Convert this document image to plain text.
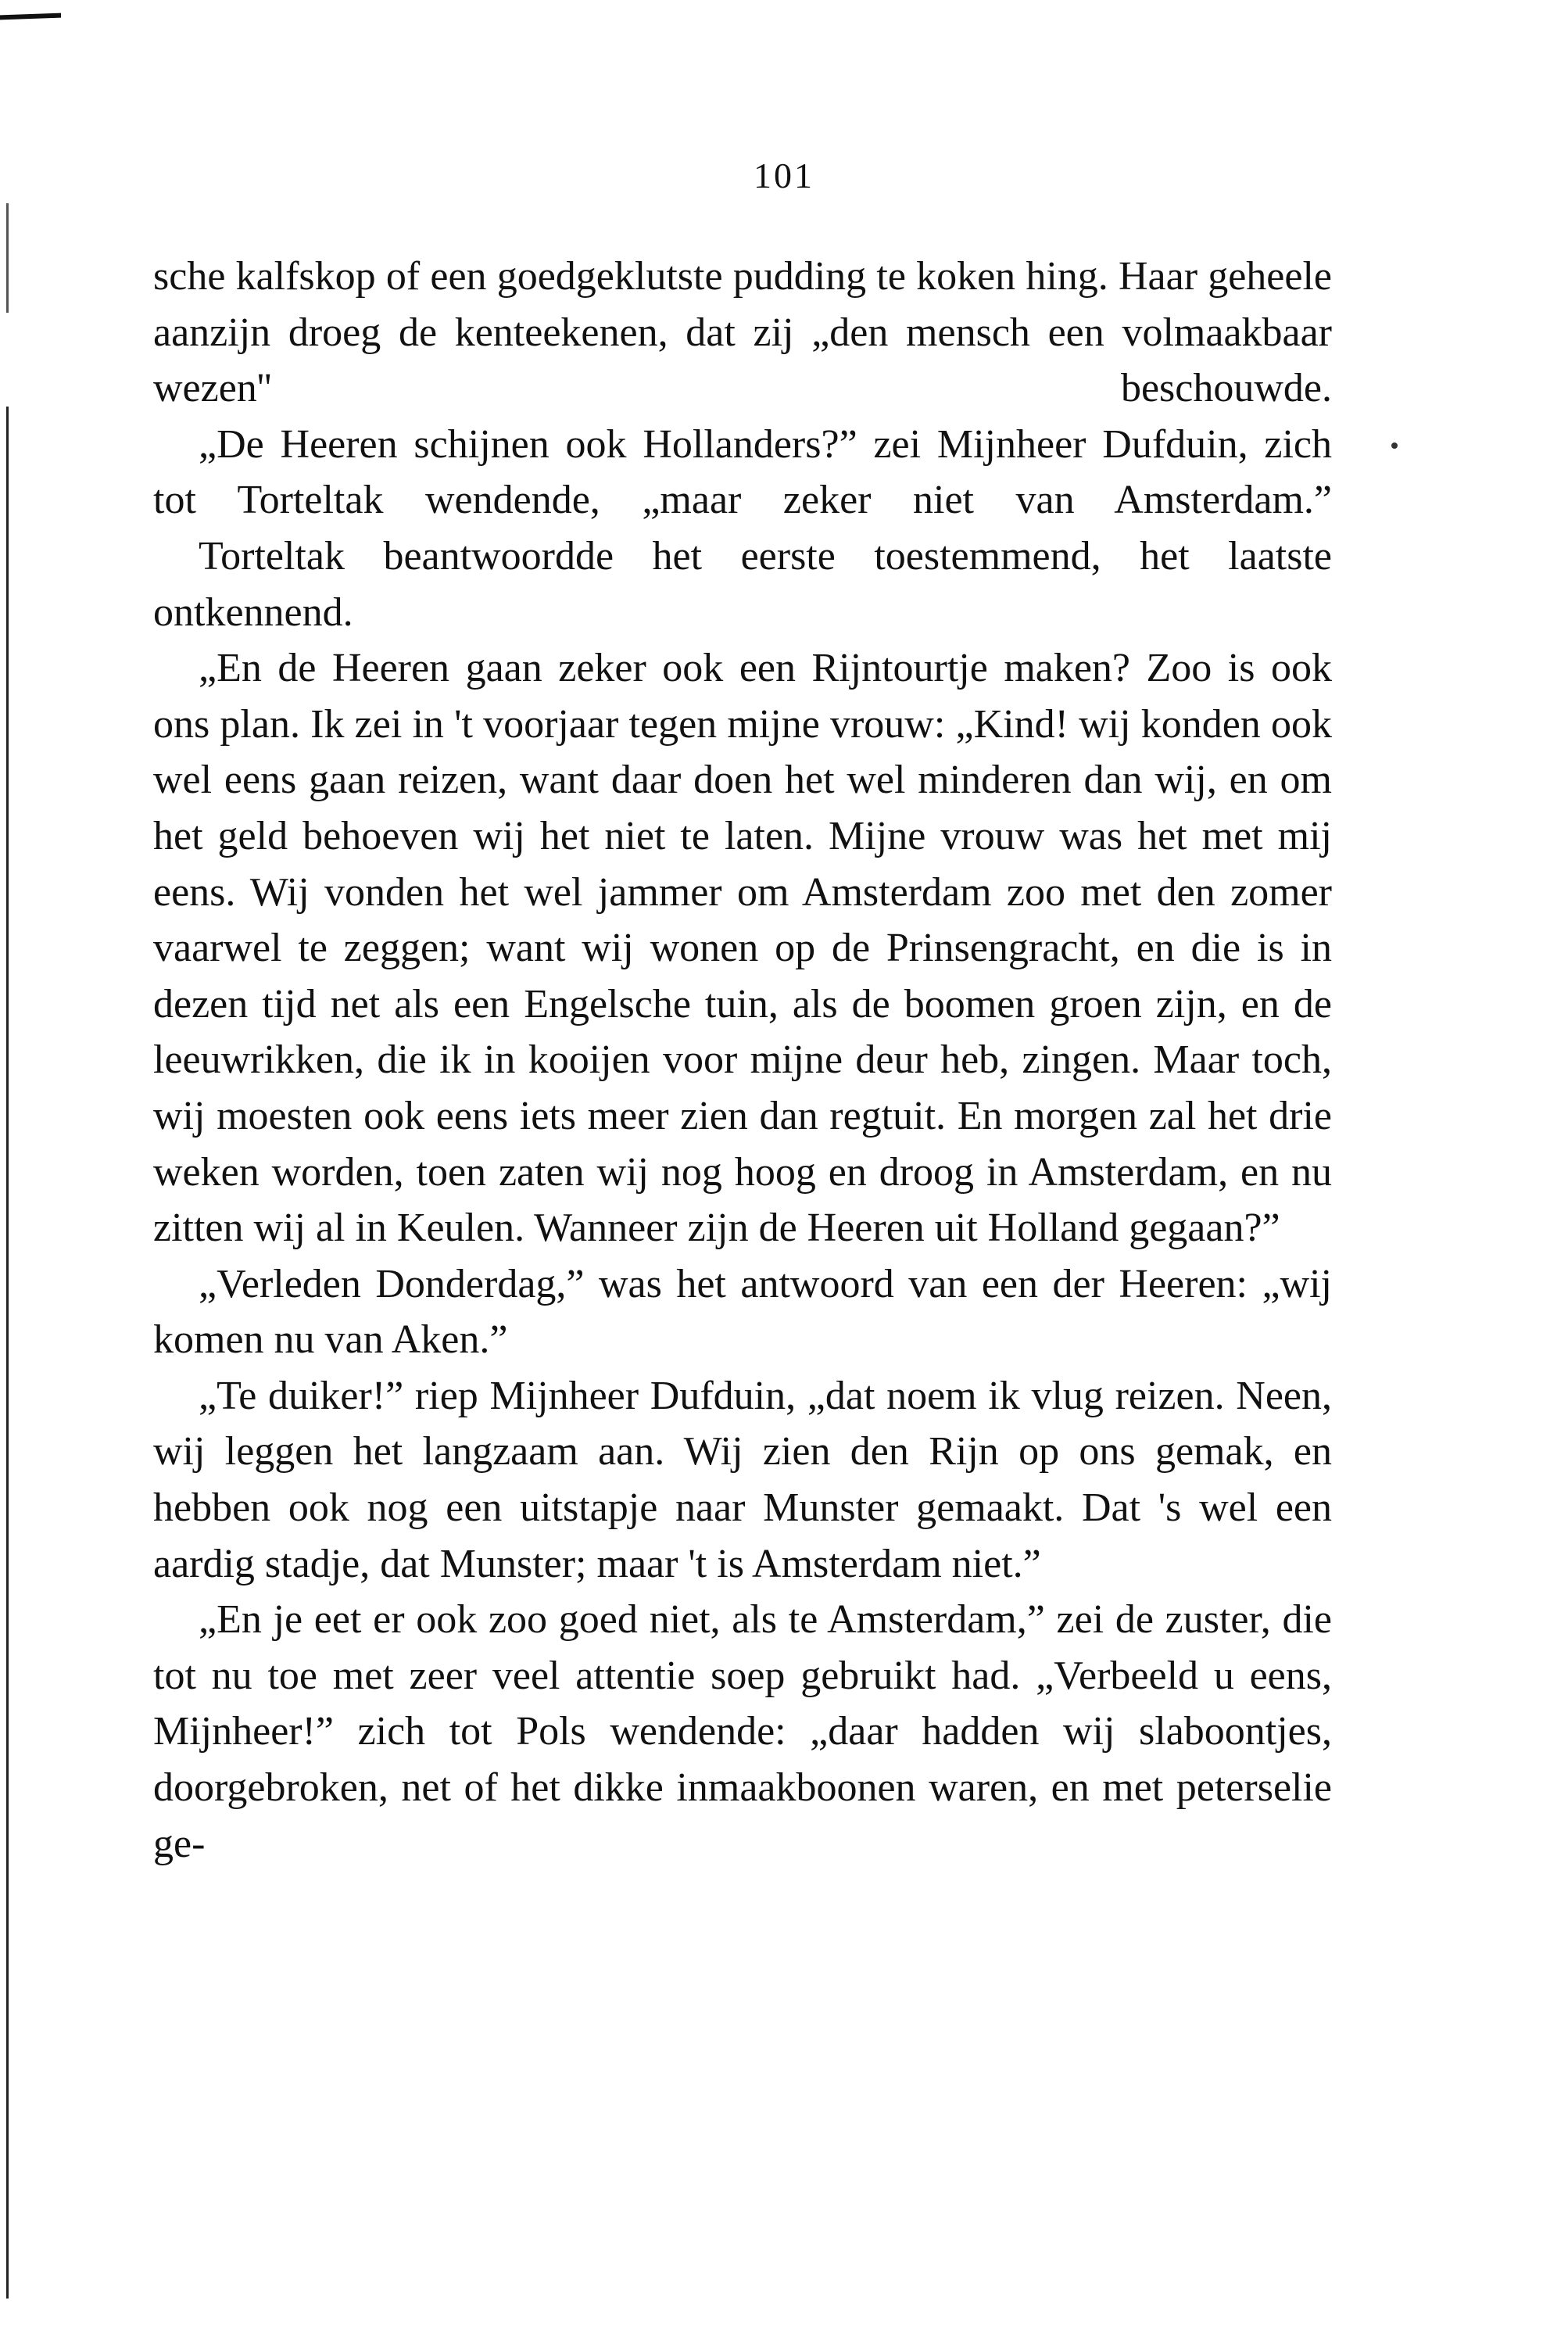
101

sche kalfskop of een goedgeklutste pudding te koken hing. Haar geheele aanzijn droeg de kenteekenen, dat zij „den mensch een volmaakbaar wezen'' beschouwde.

„De Heeren schijnen ook Hollanders?” zei Mijnheer Dufduin, zich tot Torteltak wendende, „maar zeker niet van Amsterdam.”

Torteltak beantwoordde het eerste toestemmend, het laatste ontkennend.

„En de Heeren gaan zeker ook een Rijntourtje maken? Zoo is ook ons plan. Ik zei in 't voorjaar tegen mijne vrouw: „Kind! wij konden ook wel eens gaan reizen, want daar doen het wel minderen dan wij, en om het geld behoeven wij het niet te laten. Mijne vrouw was het met mij eens. Wij vonden het wel jammer om Amsterdam zoo met den zomer vaarwel te zeggen; want wij wonen op de Prinsengracht, en die is in dezen tijd net als een Engelsche tuin, als de boomen groen zijn, en de leeuwrikken, die ik in kooijen voor mijne deur heb, zingen. Maar toch, wij moesten ook eens iets meer zien dan regtuit. En morgen zal het drie weken worden, toen zaten wij nog hoog en droog in Amsterdam, en nu zitten wij al in Keulen. Wanneer zijn de Heeren uit Holland gegaan?”

„Verleden Donderdag,” was het antwoord van een der Heeren: „wij komen nu van Aken.”

„Te duiker!” riep Mijnheer Dufduin, „dat noem ik vlug reizen. Neen, wij leggen het langzaam aan. Wij zien den Rijn op ons gemak, en hebben ook nog een uitstapje naar Munster gemaakt. Dat 's wel een aardig stadje, dat Munster; maar 't is Amsterdam niet.”

„En je eet er ook zoo goed niet, als te Amsterdam,” zei de zuster, die tot nu toe met zeer veel attentie soep gebruikt had. „Verbeeld u eens, Mijnheer!” zich tot Pols wendende: „daar hadden wij slaboontjes, doorgebroken, net of het dikke inmaakboonen waren, en met peterselie ge-
